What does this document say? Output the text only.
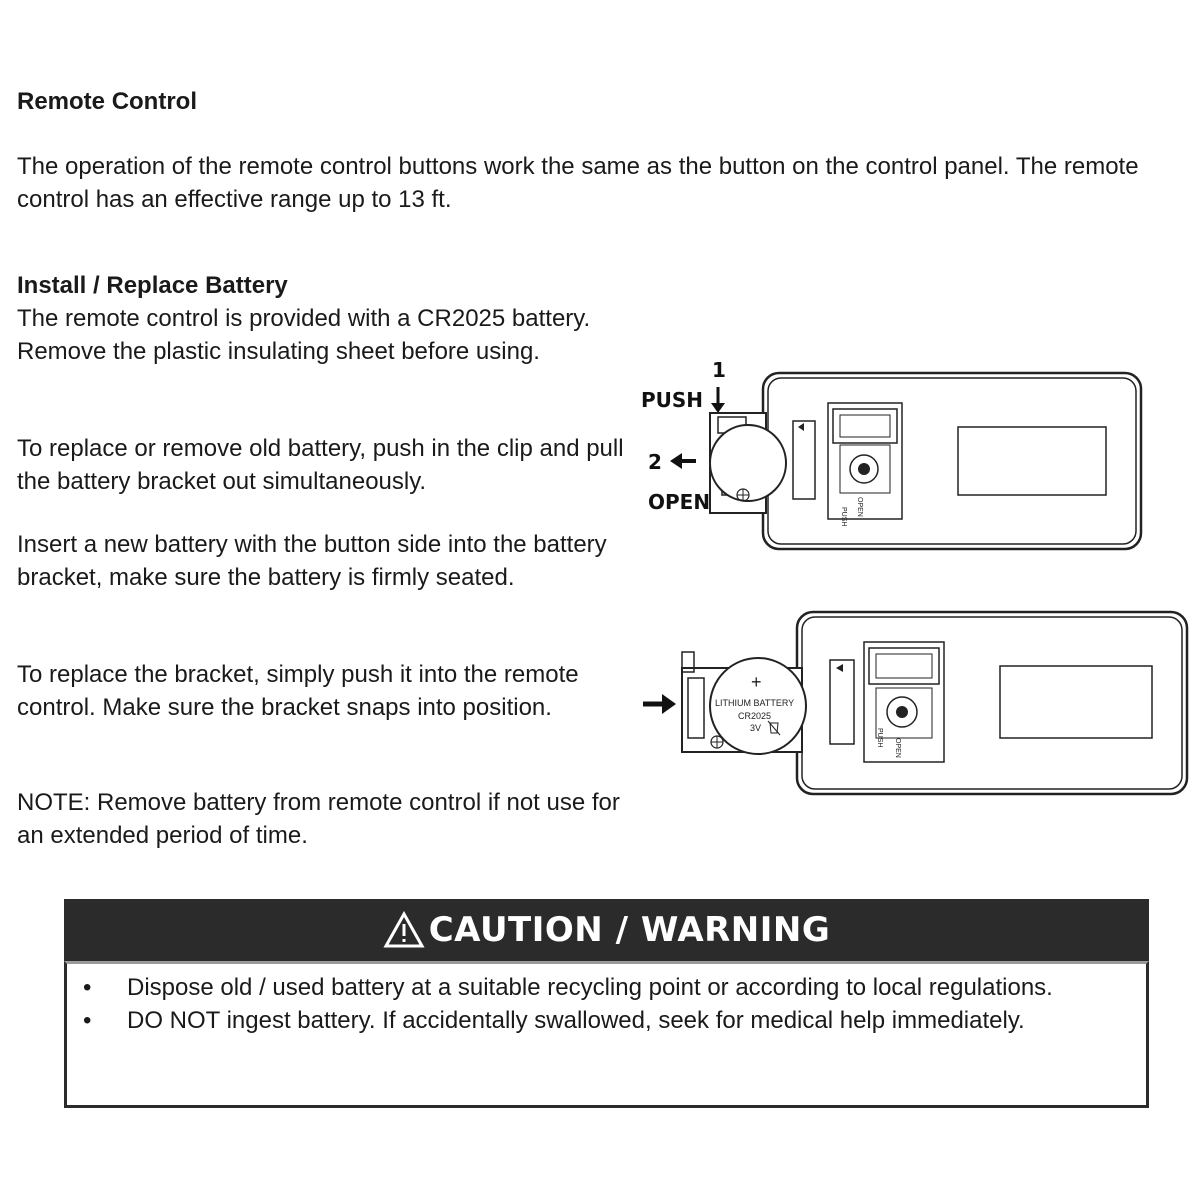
Remote Control

The operation of the remote control buttons work the same as the button on the control panel. The remote control has an effective range up to 13 ft.

Install / Replace Battery

The remote control is provided with a CR2025 battery. Remove the plastic insulating sheet before using.

To replace or remove old battery, push in the clip and pull the battery bracket out simultaneously.

Insert a new battery with the button side into the battery bracket, make sure the battery is firmly seated.

To replace the bracket, simply push it into the remote control. Make sure the bracket snaps into position.

NOTE: Remove battery from remote control if not use for an extended period of time.

PUSH OPEN
1
PUSH
2
OPEN
PUSH
OPEN
+
LITHIUM BATTERY
CR2025
3V
CAUTION / WARNING
•	Dispose old / used battery at a suitable recycling point or according to local regulations.
•	DO NOT ingest battery. If accidentally swallowed, seek for medical help immediately.
